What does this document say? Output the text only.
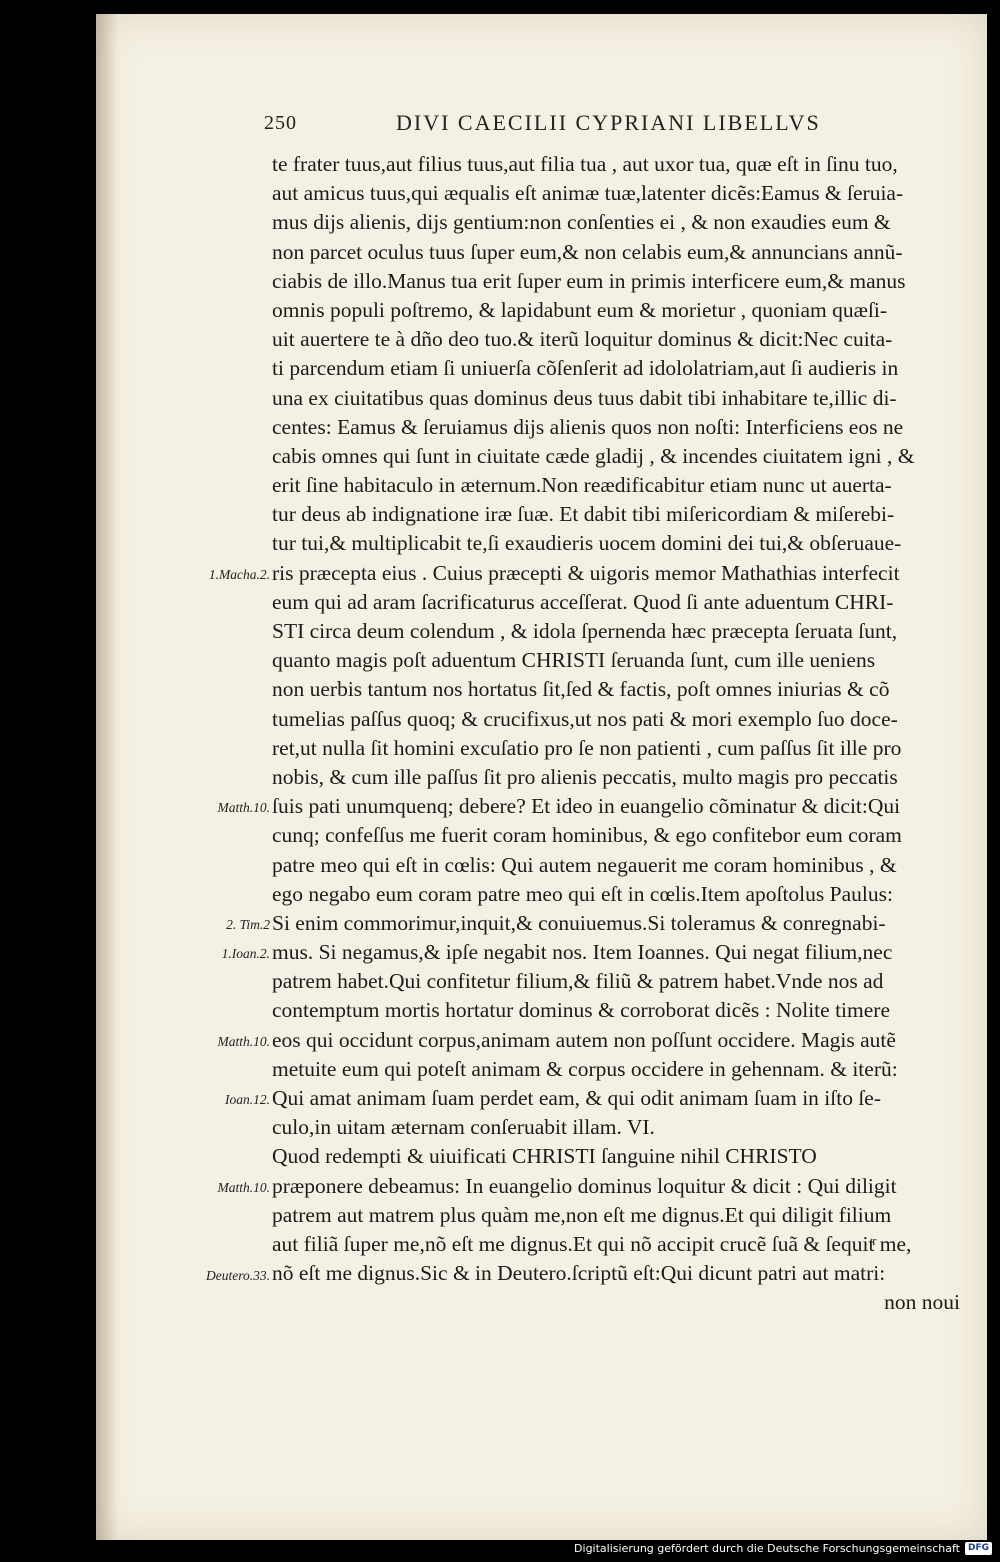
250	DIVI CAECILII CYPRIANI LIBELLVS
1.Macha.2.
Matth.10.
2. Tim.2
1.Ioan.2.
Matth.10.
Ioan.12.
Matth.10.
Deutero.33.
te frater tuus,aut filius tuus,aut filia tua , aut uxor tua, quæ eſt in ſinu tuo,
aut amicus tuus,qui æqualis eſt animæ tuæ,latenter dicẽs:Eamus & ſeruia-
mus dijs alienis, dijs gentium:non conſenties ei , & non exaudies eum &
non parcet oculus tuus ſuper eum,& non celabis eum,& annuncians annũ-
ciabis de illo.Manus tua erit ſuper eum in primis interficere eum,& manus
omnis populi poſtremo, & lapidabunt eum & morietur , quoniam quæſi-
uit auertere te à dño deo tuo.& iterũ loquitur dominus & dicit:Nec cuita-
ti parcendum etiam ſi uniuerſa cõſenſerit ad idololatriam,aut ſi audieris in
una ex ciuitatibus quas dominus deus tuus dabit tibi inhabitare te,illic di-
centes: Eamus & ſeruiamus dijs alienis quos non noſti: Interficiens eos ne
cabis omnes qui ſunt in ciuitate cæde gladij , & incendes ciuitatem igni , &
erit ſine habitaculo in æternum.Non reædificabitur etiam nunc ut auerta-
tur deus ab indignatione iræ ſuæ. Et dabit tibi miſericordiam & miſerebi-
tur tui,& multiplicabit te,ſi exaudieris uocem domini dei tui,& obſeruaue-
ris præcepta eius . Cuius præcepti & uigoris memor Mathathias interfecit
eum qui ad aram ſacrificaturus acceſſerat. Quod ſi ante aduentum CHRI-
STI circa deum colendum , & idola ſpernenda hæc præcepta ſeruata ſunt,
quanto magis poſt aduentum CHRISTI ſeruanda ſunt, cum ille ueniens
non uerbis tantum nos hortatus ſit,ſed & factis, poſt omnes iniurias & cõ
tumelias paſſus quoq; & crucifixus,ut nos pati & mori exemplo ſuo doce-
ret,ut nulla ſit homini excuſatio pro ſe non patienti , cum paſſus ſit ille pro
nobis, & cum ille paſſus ſit pro alienis peccatis, multo magis pro peccatis
ſuis pati unumquenq; debere? Et ideo in euangelio cõminatur & dicit:Qui
cunq; confeſſus me fuerit coram hominibus, & ego confitebor eum coram
patre meo qui eſt in cœlis: Qui autem negauerit me coram hominibus , &
ego negabo eum coram patre meo qui eſt in cœlis.Item apoſtolus Paulus:
Si enim commorimur,inquit,& conuiuemus.Si toleramus & conregnabi-
mus. Si negamus,& ipſe negabit nos. Item Ioannes. Qui negat filium,nec
patrem habet.Qui confitetur filium,& filiũ & patrem habet.Vnde nos ad
contemptum mortis hortatur dominus & corroborat dicẽs : Nolite timere
eos qui occidunt corpus,animam autem non poſſunt occidere. Magis autẽ
metuite eum qui poteſt animam & corpus occidere in gehennam. & iterũ:
Qui amat animam ſuam perdet eam, & qui odit animam ſuam in iſto ſe-
culo,in uitam æternam conſeruabit illam. VI.
Quod redempti & uiuificati CHRISTI ſanguine nihil CHRISTO
præponere debeamus: In euangelio dominus loquitur & dicit : Qui diligit
patrem aut matrem plus quàm me,non eſt me dignus.Et qui diligit filium
aut filiã ſuper me,nõ eſt me dignus.Et qui nõ accipit crucẽ ſuã & ſequitͬ me,
nõ eſt me dignus.Sic & in Deutero.ſcriptũ eſt:Qui dicunt patri aut matri:
non noui
Digitalisierung gefördert durch die Deutsche Forschungsgemeinschaft DFG
